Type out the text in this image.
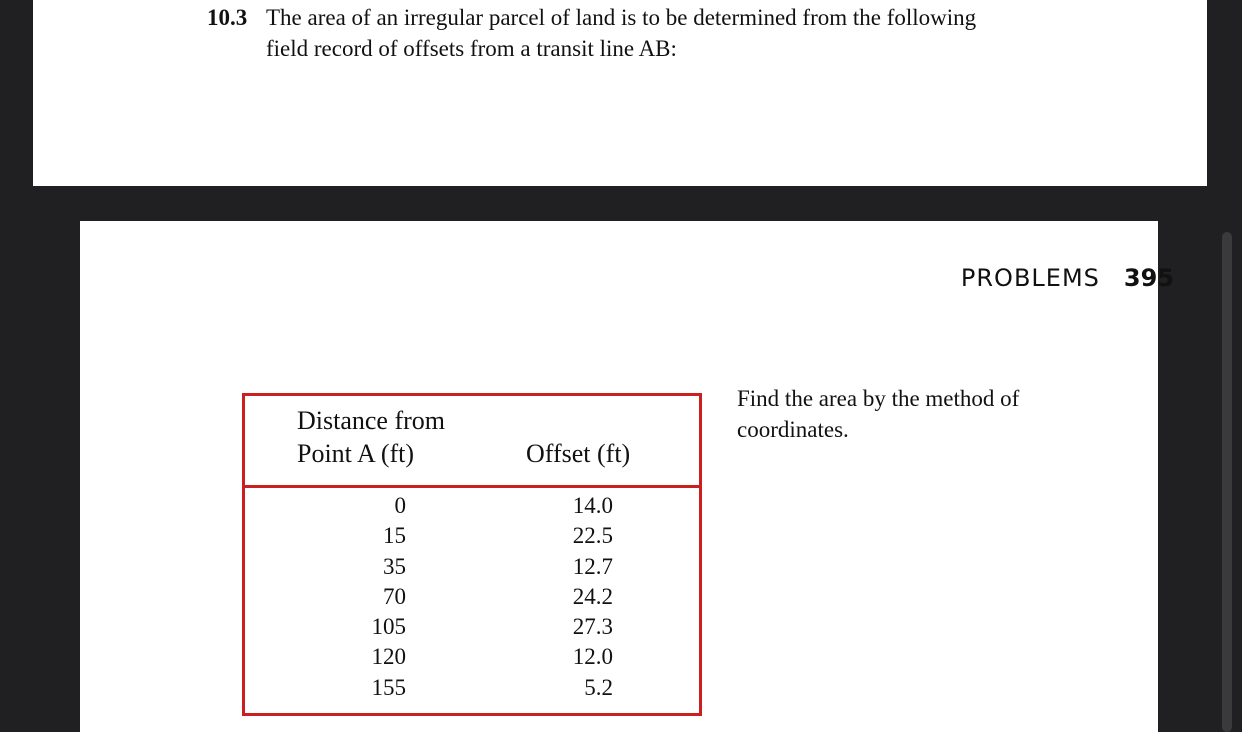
10.3 The area of an irregular parcel of land is to be determined from the following
field record of offsets from a transit line AB:
PROBLEMS 395
Distance from
Point A (ft)	Offset (ft)
0	14.0
15	22.5
35	12.7
70	24.2
105	27.3
120	12.0
155	5.2
Find the area by the method of
coordinates.
